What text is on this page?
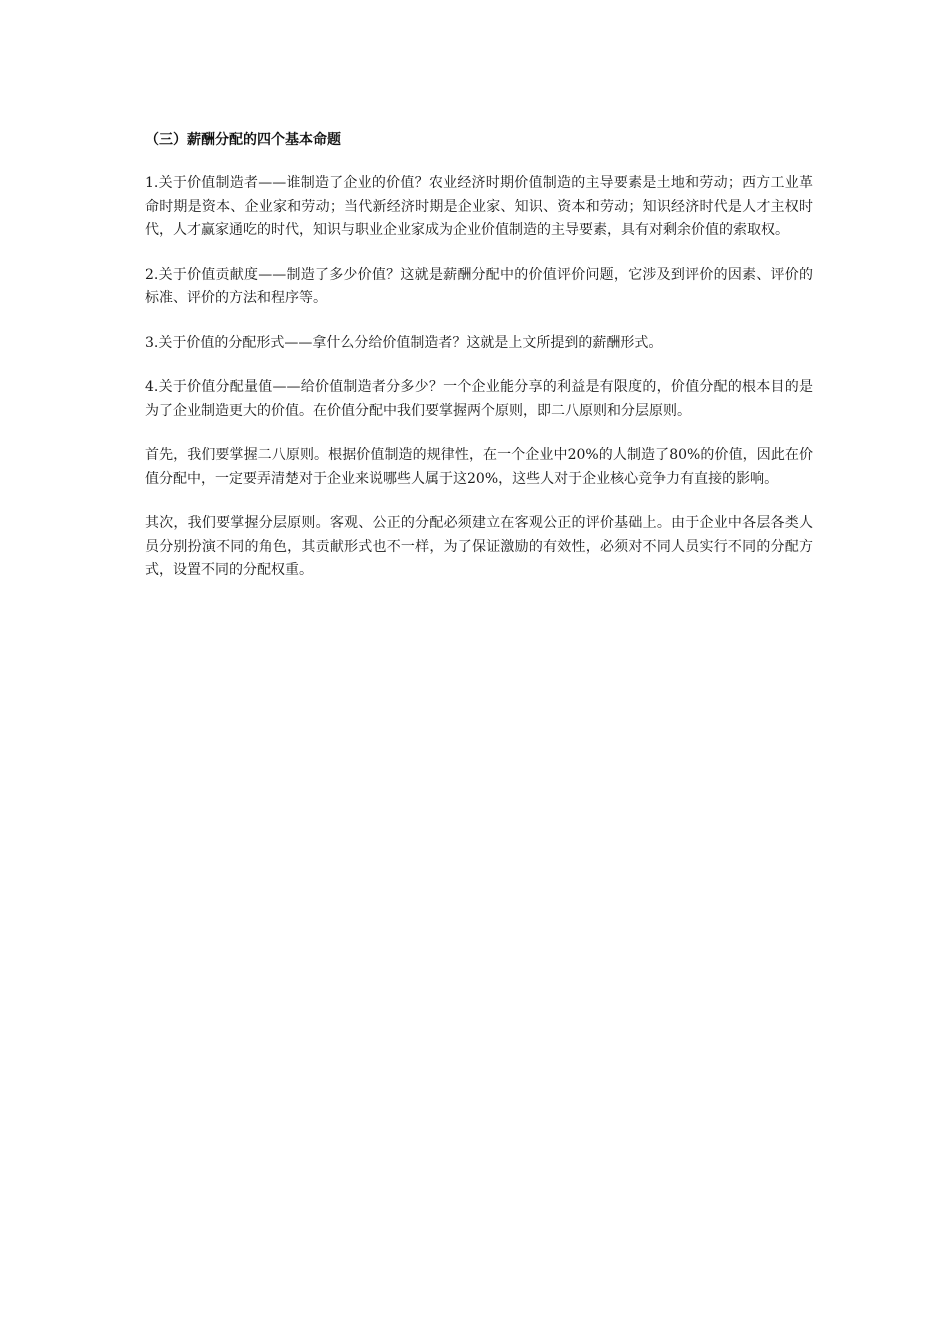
（三）薪酬分配的四个基本命题

1.关于价值制造者——谁制造了企业的价值？农业经济时期价值制造的主导要素是土地和劳动；西方工业革命时期是资本、企业家和劳动；当代新经济时期是企业家、知识、资本和劳动；知识经济时代是人才主权时代，人才赢家通吃的时代，知识与职业企业家成为企业价值制造的主导要素，具有对剩余价值的索取权。

2.关于价值贡献度——制造了多少价值？这就是薪酬分配中的价值评价问题，它涉及到评价的因素、评价的标准、评价的方法和程序等。

3.关于价值的分配形式——拿什么分给价值制造者？这就是上文所提到的薪酬形式。

4.关于价值分配量值——给价值制造者分多少？一个企业能分享的利益是有限度的，价值分配的根本目的是为了企业制造更大的价值。在价值分配中我们要掌握两个原则，即二八原则和分层原则。

首先，我们要掌握二八原则。根据价值制造的规律性，在一个企业中20%的人制造了80%的价值，因此在价值分配中，一定要弄清楚对于企业来说哪些人属于这20%，这些人对于企业核心竞争力有直接的影响。

其次，我们要掌握分层原则。客观、公正的分配必须建立在客观公正的评价基础上。由于企业中各层各类人员分别扮演不同的角色，其贡献形式也不一样，为了保证激励的有效性，必须对不同人员实行不同的分配方式，设置不同的分配权重。
